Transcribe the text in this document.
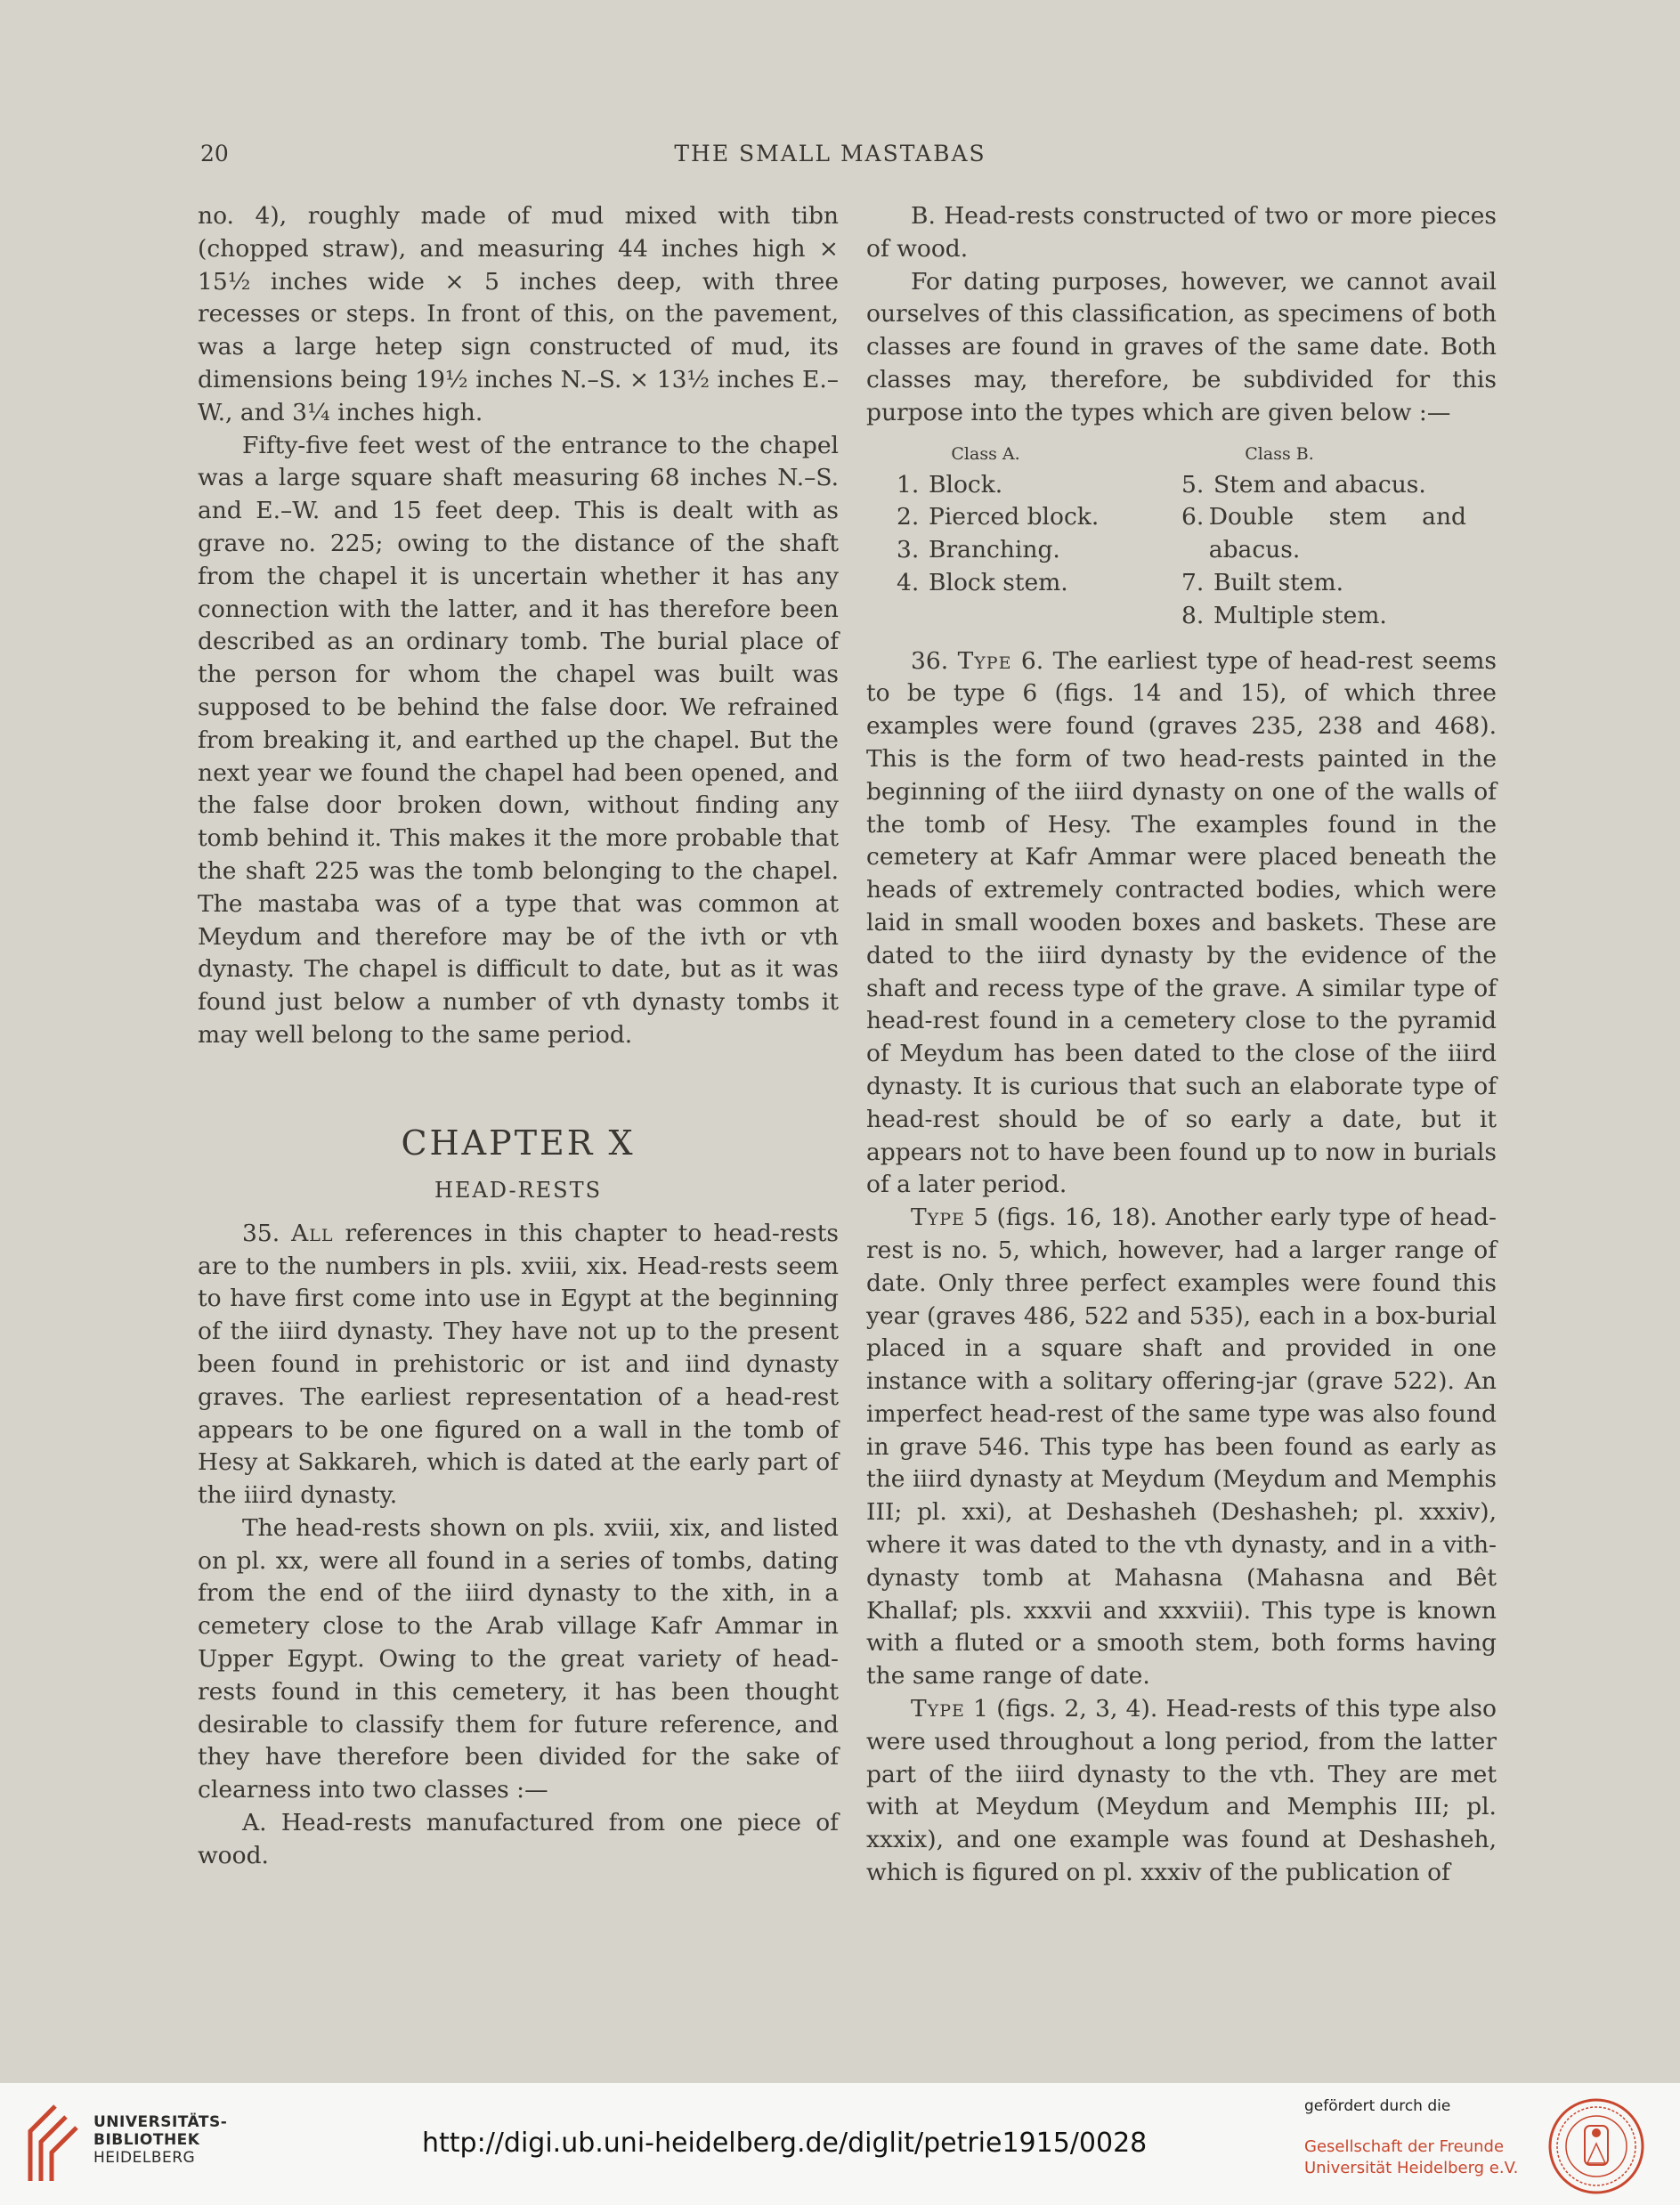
20	THE SMALL MASTABAS

no. 4), roughly made of mud mixed with tibn (chopped straw), and measuring 44 inches high × 15½ inches wide × 5 inches deep, with three recesses or steps. In front of this, on the pavement, was a large hetep sign constructed of mud, its dimensions being 19½ inches N.–S. × 13½ inches E.–W., and 3¼ inches high.

Fifty-five feet west of the entrance to the chapel was a large square shaft measuring 68 inches N.–S. and E.–W. and 15 feet deep. This is dealt with as grave no. 225; owing to the distance of the shaft from the chapel it is uncertain whether it has any connection with the latter, and it has therefore been described as an ordinary tomb. The burial place of the person for whom the chapel was built was supposed to be behind the false door. We refrained from breaking it, and earthed up the chapel. But the next year we found the chapel had been opened, and the false door broken down, without finding any tomb behind it. This makes it the more probable that the shaft 225 was the tomb belonging to the chapel. The mastaba was of a type that was common at Meydum and therefore may be of the ivth or vth dynasty. The chapel is difficult to date, but as it was found just below a number of vth dynasty tombs it may well belong to the same period.

CHAPTER X
HEAD-RESTS

35. All references in this chapter to head-rests are to the numbers in pls. xviii, xix. Head-rests seem to have first come into use in Egypt at the beginning of the iiird dynasty. They have not up to the present been found in prehistoric or ist and iind dynasty graves. The earliest representation of a head-rest appears to be one figured on a wall in the tomb of Hesy at Sakkareh, which is dated at the early part of the iiird dynasty.

The head-rests shown on pls. xviii, xix, and listed on pl. xx, were all found in a series of tombs, dating from the end of the iiird dynasty to the xith, in a cemetery close to the Arab village Kafr Ammar in Upper Egypt. Owing to the great variety of head-rests found in this cemetery, it has been thought desirable to classify them for future reference, and they have therefore been divided for the sake of clearness into two classes :—

A. Head-rests manufactured from one piece of wood.

B. Head-rests constructed of two or more pieces of wood.

For dating purposes, however, we cannot avail ourselves of this classification, as specimens of both classes are found in graves of the same date. Both classes may, therefore, be subdivided for this purpose into the types which are given below :—

Class A.
1. Block.
2. Pierced block.
3. Branching.
4. Block stem.
Class B.
5. Stem and abacus.
6. Double stem and abacus.
7. Built stem.
8. Multiple stem.

36. Type 6. The earliest type of head-rest seems to be type 6 (figs. 14 and 15), of which three examples were found (graves 235, 238 and 468). This is the form of two head-rests painted in the beginning of the iiird dynasty on one of the walls of the tomb of Hesy. The examples found in the cemetery at Kafr Ammar were placed beneath the heads of extremely contracted bodies, which were laid in small wooden boxes and baskets. These are dated to the iiird dynasty by the evidence of the shaft and recess type of the grave. A similar type of head-rest found in a cemetery close to the pyramid of Meydum has been dated to the close of the iiird dynasty. It is curious that such an elaborate type of head-rest should be of so early a date, but it appears not to have been found up to now in burials of a later period.

Type 5 (figs. 16, 18). Another early type of head-rest is no. 5, which, however, had a larger range of date. Only three perfect examples were found this year (graves 486, 522 and 535), each in a box-burial placed in a square shaft and provided in one instance with a solitary offering-jar (grave 522). An imperfect head-rest of the same type was also found in grave 546. This type has been found as early as the iiird dynasty at Meydum (Meydum and Memphis III; pl. xxi), at Deshasheh (Deshasheh; pl. xxxiv), where it was dated to the vth dynasty, and in a vith-dynasty tomb at Mahasna (Mahasna and Bêt Khallaf; pls. xxxvii and xxxviii). This type is known with a fluted or a smooth stem, both forms having the same range of date.

Type 1 (figs. 2, 3, 4). Head-rests of this type also were used throughout a long period, from the latter part of the iiird dynasty to the vth. They are met with at Meydum (Meydum and Memphis III; pl. xxxix), and one example was found at Deshasheh, which is figured on pl. xxxiv of the publication of

UNIVERSITÄTS-
BIBLIOTHEK
HEIDELBERG	http://digi.ub.uni-heidelberg.de/diglit/petrie1915/0028
gefördert durch die
Gesellschaft der Freunde
Universität Heidelberg e.V.
